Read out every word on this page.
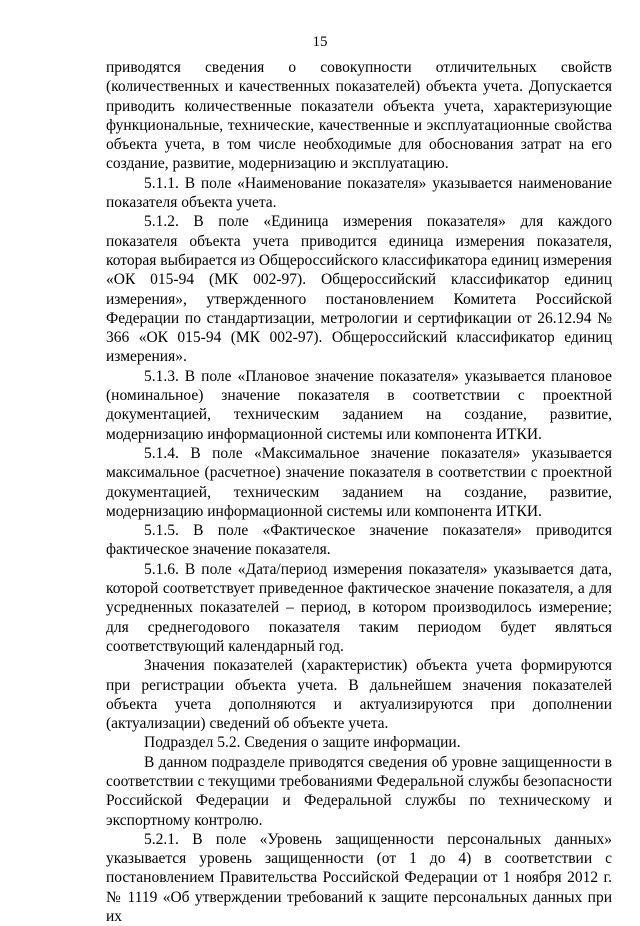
15

приводятся сведения о совокупности отличительных свойств (количественных и качественных показателей) объекта учета. Допускается приводить количественные показатели объекта учета, характеризующие функциональные, технические, качественные и эксплуатационные свойства объекта учета, в том числе необходимые для обоснования затрат на его создание, развитие, модернизацию и эксплуатацию.

5.1.1. В поле «Наименование показателя» указывается наименование показателя объекта учета.

5.1.2. В поле «Единица измерения показателя» для каждого показателя объекта учета приводится единица измерения показателя, которая выбирается из Общероссийского классификатора единиц измерения «ОК 015-94 (МК 002-97). Общероссийский классификатор единиц измерения», утвержденного постановлением Комитета Российской Федерации по стандартизации, метрологии и сертификации от 26.12.94 № 366 «ОК 015-94 (МК 002-97). Общероссийский классификатор единиц измерения».

5.1.3. В поле «Плановое значение показателя» указывается плановое (номинальное) значение показателя в соответствии с проектной документацией, техническим заданием на создание, развитие, модернизацию информационной системы или компонента ИТКИ.

5.1.4. В поле «Максимальное значение показателя» указывается максимальное (расчетное) значение показателя в соответствии с проектной документацией, техническим заданием на создание, развитие, модернизацию информационной системы или компонента ИТКИ.

5.1.5. В поле «Фактическое значение показателя» приводится фактическое значение показателя.

5.1.6. В поле «Дата/период измерения показателя» указывается дата, которой соответствует приведенное фактическое значение показателя, а для усредненных показателей – период, в котором производилось измерение; для среднегодового показателя таким периодом будет являться соответствующий календарный год.

Значения показателей (характеристик) объекта учета формируются при регистрации объекта учета. В дальнейшем значения показателей объекта учета дополняются и актуализируются при дополнении (актуализации) сведений об объекте учета.

Подраздел 5.2. Сведения о защите информации.

В данном подразделе приводятся сведения об уровне защищенности в соответствии с текущими требованиями Федеральной службы безопасности Российской Федерации и Федеральной службы по техническому и экспортному контролю.

5.2.1. В поле «Уровень защищенности персональных данных» указывается уровень защищенности (от 1 до 4) в соответствии с постановлением Правительства Российской Федерации от 1 ноября 2012 г. № 1119 «Об утверждении требований к защите персональных данных при их
